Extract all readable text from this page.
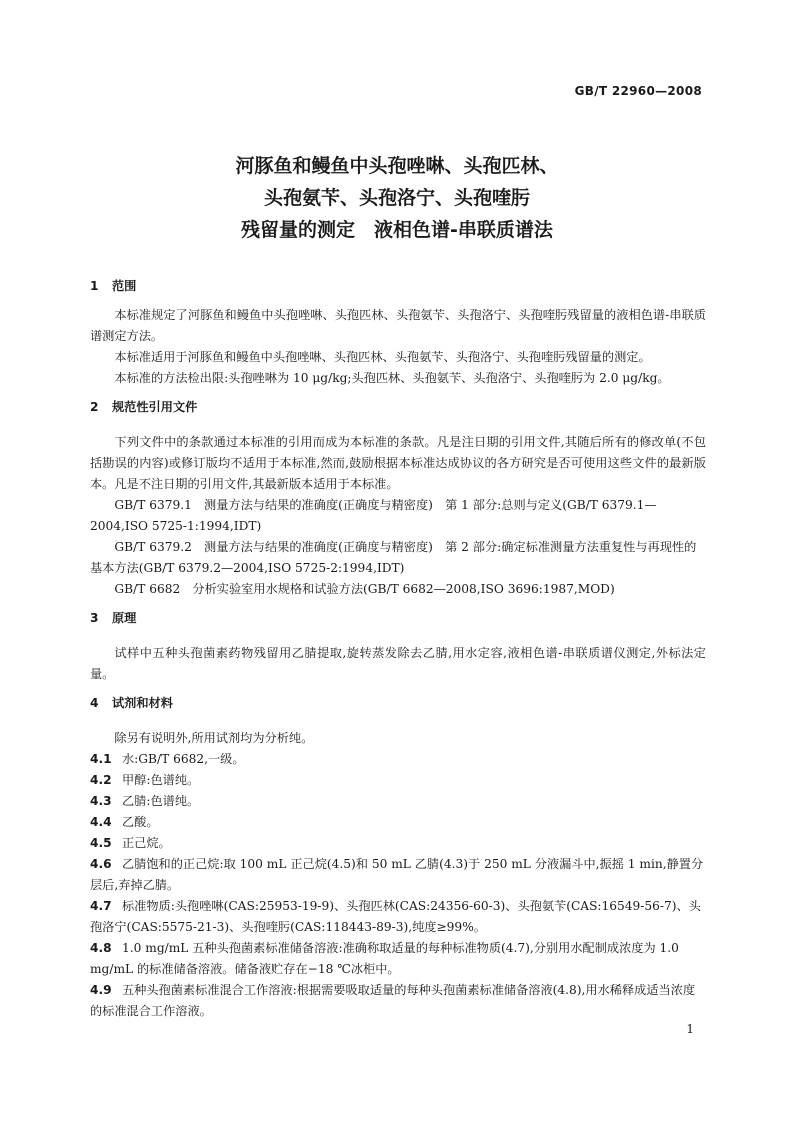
GB/T 22960—2008
河豚鱼和鳗鱼中头孢唑啉、头孢匹林、
头孢氨苄、头孢洛宁、头孢喹肟
残留量的测定　液相色谱-串联质谱法

1 范围

本标准规定了河豚鱼和鳗鱼中头孢唑啉、头孢匹林、头孢氨苄、头孢洛宁、头孢喹肟残留量的液相色谱-串联质谱测定方法。

本标准适用于河豚鱼和鳗鱼中头孢唑啉、头孢匹林、头孢氨苄、头孢洛宁、头孢喹肟残留量的测定。

本标准的方法检出限:头孢唑啉为 10 μg/kg;头孢匹林、头孢氨苄、头孢洛宁、头孢喹肟为 2.0 μg/kg。

2 规范性引用文件

下列文件中的条款通过本标准的引用而成为本标准的条款。凡是注日期的引用文件,其随后所有的修改单(不包括勘误的内容)或修订版均不适用于本标准,然而,鼓励根据本标准达成协议的各方研究是否可使用这些文件的最新版本。凡是不注日期的引用文件,其最新版本适用于本标准。

GB/T 6379.1　测量方法与结果的准确度(正确度与精密度)　第 1 部分:总则与定义(GB/T 6379.1—2004,ISO 5725-1:1994,IDT)

GB/T 6379.2　测量方法与结果的准确度(正确度与精密度)　第 2 部分:确定标准测量方法重复性与再现性的基本方法(GB/T 6379.2—2004,ISO 5725-2:1994,IDT)

GB/T 6682　分析实验室用水规格和试验方法(GB/T 6682—2008,ISO 3696:1987,MOD)

3 原理

试样中五种头孢菌素药物残留用乙腈提取,旋转蒸发除去乙腈,用水定容,液相色谱-串联质谱仪测定,外标法定量。

4 试剂和材料

除另有说明外,所用试剂均为分析纯。

4.1 水:GB/T 6682,一级。

4.2 甲醇:色谱纯。

4.3 乙腈:色谱纯。

4.4 乙酸。

4.5 正己烷。

4.6 乙腈饱和的正己烷:取 100 mL 正己烷(4.5)和 50 mL 乙腈(4.3)于 250 mL 分液漏斗中,振摇 1 min,静置分层后,弃掉乙腈。

4.7 标准物质:头孢唑啉(CAS:25953-19-9)、头孢匹林(CAS:24356-60-3)、头孢氨苄(CAS:16549-56-7)、头孢洛宁(CAS:5575-21-3)、头孢喹肟(CAS:118443-89-3),纯度≥99%。

4.8 1.0 mg/mL 五种头孢菌素标准储备溶液:准确称取适量的每种标准物质(4.7),分别用水配制成浓度为 1.0 mg/mL 的标准储备溶液。储备液贮存在−18 ℃冰柜中。

4.9 五种头孢菌素标准混合工作溶液:根据需要吸取适量的每种头孢菌素标准储备溶液(4.8),用水稀释成适当浓度的标准混合工作溶液。

1
